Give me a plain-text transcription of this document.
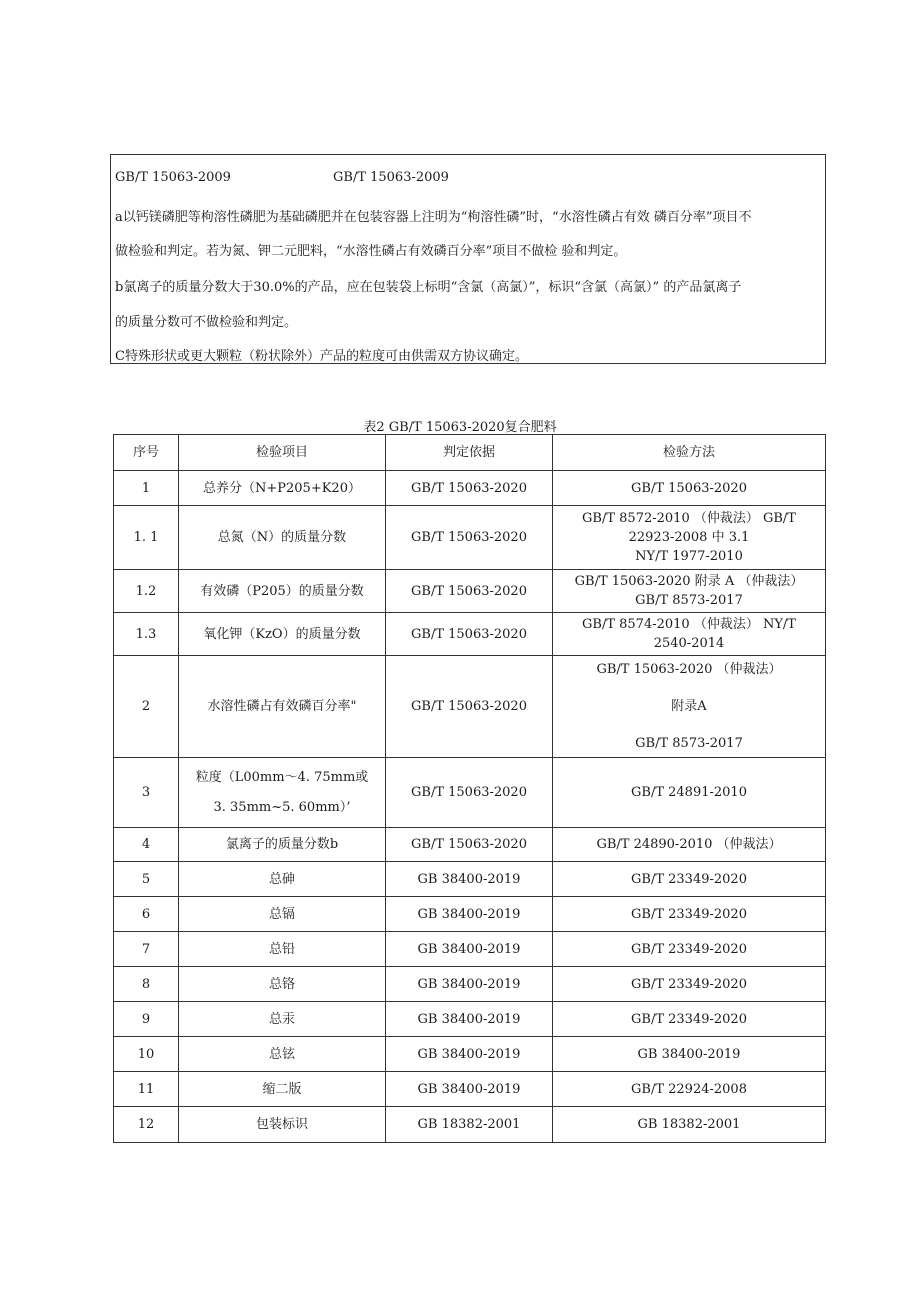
GB/T 15063-2009	GB/T 15063-2009
a以钙镁磷肥等枸溶性磷肥为基础磷肥并在包装容器上注明为“枸溶性磷”时，“水溶性磷占有效 磷百分率”项目不
做检验和判定。若为氮、钾二元肥料，“水溶性磷占有效磷百分率”项目不做检 验和判定。
b氯离子的质量分数大于30.0%的产品，应在包装袋上标明“含氯（高氯）”，标识“含氯（高氯）” 的产品氯离子
的质量分数可不做检验和判定。
C特殊形状或更大颗粒（粉状除外）产品的粒度可由供需双方协议确定。
表2 GB/T 15063-2020复合肥料
序号	检验项目	判定依据	检验方法
1	总养分（N+P205+K20）	GB/T 15063-2020	GB/T 15063-2020
1. 1	总氮（N）的质量分数	GB/T 15063-2020	GB/T 8572-2010 （仲裁法） GB/T
22923-2008 中 3.1
NY/T 1977-2010

1.2	有效磷（P205）的质量分数	GB/T 15063-2020	GB/T 15063-2020 附录 A （仲裁法）
GB/T 8573-2017

1.3	氧化钾（KzO）的质量分数	GB/T 15063-2020	GB/T 8574-2010 （仲裁法） NY/T
2540-2014

2	水溶性磷占有效磷百分率"	GB/T 15063-2020	GB/T 15063-2020 （仲裁法）
附录A
GB/T 8573-2017

3	粒度（L00mm～4. 75mm或
3. 35mm~5. 60mm）’	GB/T 15063-2020	GB/T 24891-2010
4	氯离子的质量分数b	GB/T 15063-2020	GB/T 24890-2010 （仲裁法）
5	总砷	GB 38400-2019	GB/T 23349-2020
6	总镉	GB 38400-2019	GB/T 23349-2020
7	总铅	GB 38400-2019	GB/T 23349-2020
8	总铬	GB 38400-2019	GB/T 23349-2020
9	总汞	GB 38400-2019	GB/T 23349-2020
10	总铉	GB 38400-2019	GB 38400-2019
11	缩二版	GB 38400-2019	GB/T 22924-2008
12	包装标识	GB 18382-2001	GB 18382-2001
